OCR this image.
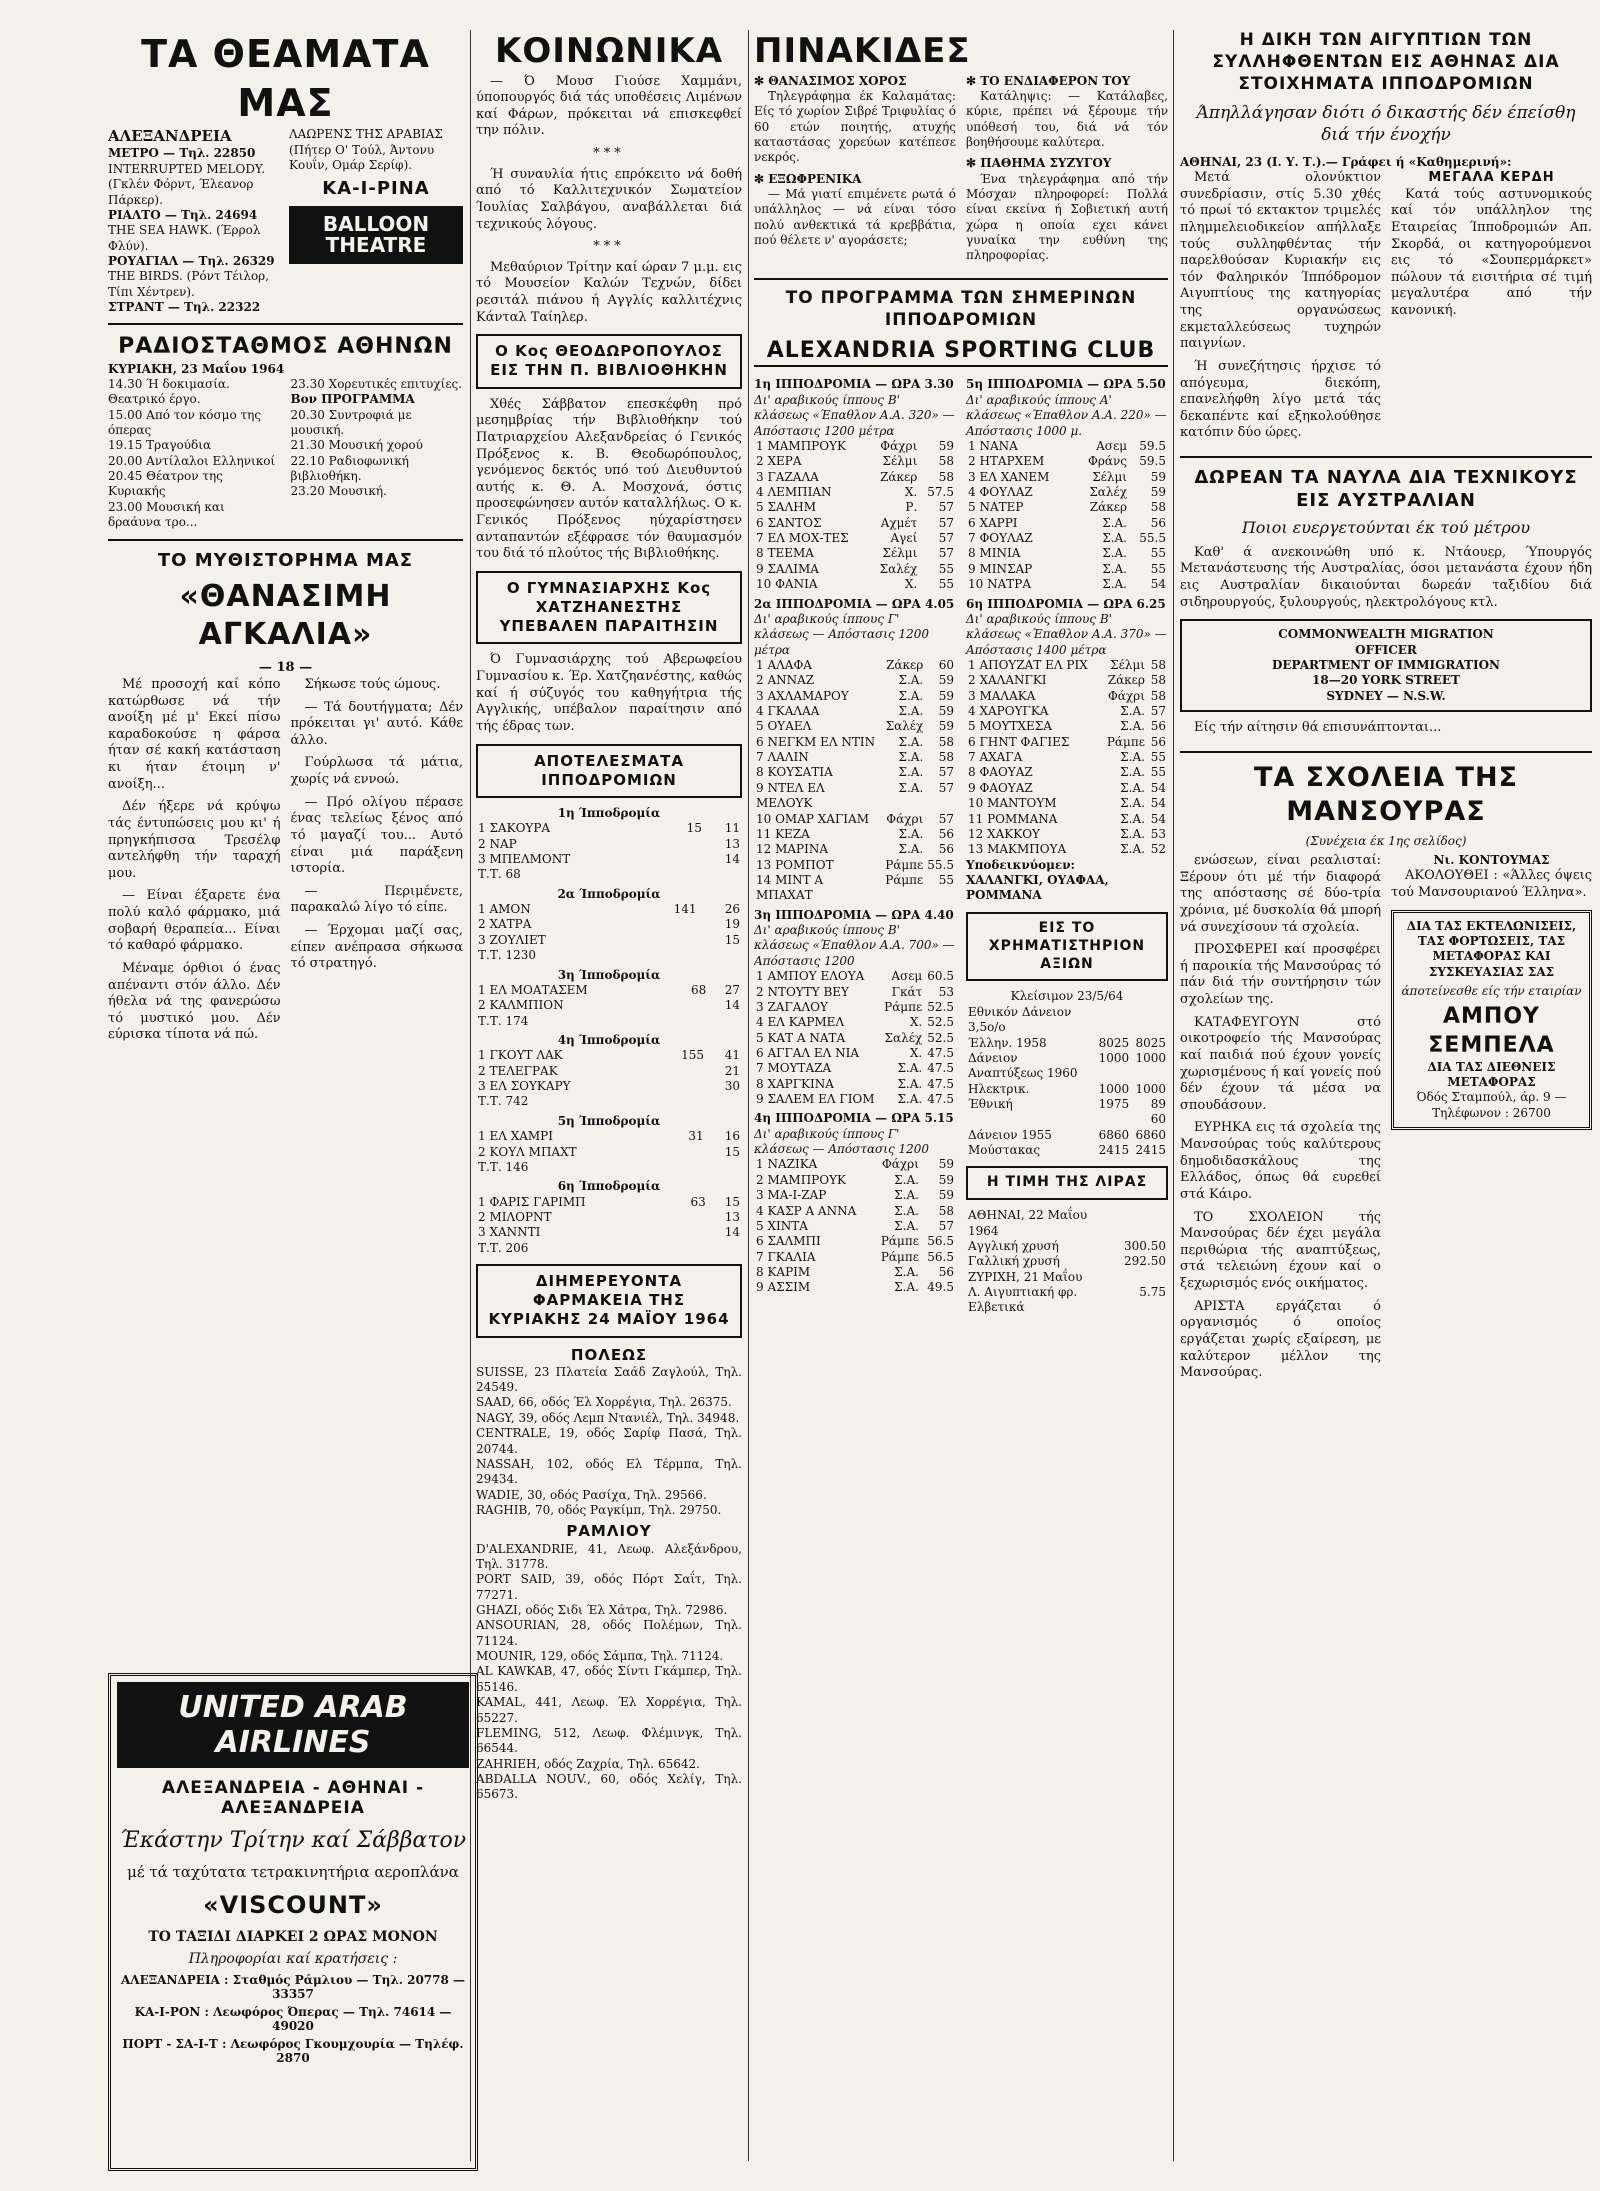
ΤΑ ΘΕΑΜΑΤΑ ΜΑΣ
ΑΛΕΞΑΝΔΡΕΙΑ
ΜΕΤΡΟ — Τηλ. 22850
INTERRUPTED MELODY. (Γκλέν Φόρντ, Έλεανορ Πάρκερ).
ΡΙΑΛΤΟ — Τηλ. 24694
THE SEA HAWK. (Έρρολ Φλύν).
ΡΟΥΑΓΙΑΛ — Τηλ. 26329
THE BIRDS. (Ρόντ Τέιλορ, Τίπι Χέντρεν).
ΣΤΡΑΝΤ — Τηλ. 22322
ΛΑΩΡΕΝΣ ΤΗΣ ΑΡΑΒΙΑΣ (Πήτερ Ο' Τούλ, Άντονυ Κουΐν, Ομάρ Σερίφ).
ΚΑ-Ι-ΡΙΝΑ
BALLOON
THEATRE
ΡΑΔΙΟΣΤΑΘΜΟΣ ΑΘΗΝΩΝ
ΚΥΡΙΑΚΗ, 23 Μαΐου 1964
14.30 Ή δοκιμασία. Θεατρικό έργο.
15.00 Από τον κόσμο της όπερας
19.15 Τραγούδια
20.00 Αντίλαλοι Ελληνικοί
20.45 Θέατρον της Κυριακής
23.00 Μουσική και δραάυνα τρο...
23.30 Χορευτικές επιτυχίες.
Βον ΠΡΟΓΡΑΜΜΑ
20.30 Συντροφιά με μουσική.
21.30 Μουσική χορού
22.10 Ραδιοφωνική βιβλιοθήκη.
23.20 Μουσική.
ΤΟ ΜΥΘΙΣΤΟΡΗΜΑ ΜΑΣ
«ΘΑΝΑΣΙΜΗ ΑΓΚΑΛΙΑ»
— 18 —

Μέ προσοχή καί κόπο κατώρθωσε νά τήν ανοίξη μέ μ' Εκεί πίσω καραδοκούσε η φάρσα ήταν σέ κακή κατάσταση κι ήταν έτοιμη ν' ανοίξη...

Δέν ήξερε νά κρύψω τάς έντυπώσεις μου κι' ή πρηγκήπισσα Τρεσέλφ αντελήφθη τήν ταραχή μου.

— Είναι έξαρετε ένα πολύ καλό φάρμακο, μιά σοβαρή θεραπεία... Είναι τό καθαρό φάρμακο.

Μέναμε όρθιοι ό ένας απέναντι στόν άλλο. Δέν ήθελα νά της φανερώσω τό μυστικό μου. Δέν εύρισκα τίποτα νά πώ.

Σήκωσε τούς ώμους.

— Τά δουτήγματα; Δέν πρόκειται γι' αυτό. Κάθε άλλο.

Γούρλωσα τά μάτια, χωρίς νά εννοώ.

— Πρό ολίγου πέρασε ένας τελείως ξένος από τό μαγαζί του... Αυτό είναι μιά παράξενη ιστορία.

— Περιμένετε, παρακαλώ λίγο τό είπε.

— Έρχομαι μαζί σας, είπεν ανέπρασα σήκωσα τό στρατηγό.

UNITED ARAB AIRLINES
ΑΛΕΞΑΝΔΡΕΙΑ - ΑΘΗΝΑΙ - ΑΛΕΞΑΝΔΡΕΙΑ
Έκάστην Τρίτην καί Σάββατον
μέ τά ταχύτατα τετρακινητήρια αεροπλάνα
«VISCOUNT»
ΤΟ ΤΑΞΙΔΙ ΔΙΑΡΚΕΙ 2 ΩΡΑΣ ΜΟΝΟΝ
Πληροφορίαι καί κρατήσεις :
ΑΛΕΞΑΝΔΡΕΙΑ : Σταθμός Ράμλιου — Τηλ. 20778 — 33357
ΚΑ-Ι-ΡΟΝ : Λεωφόρος Όπερας — Τηλ. 74614 — 49020
ΠΟΡΤ - ΣΑ-Ι-Τ : Λεωφόρος Γκουμχουρία — Τηλέφ. 2870
ΚΟΙΝΩΝΙΚΑ

— Ό Μουσ Γιούσε Χαμμάνι, ύποπουργός διά τάς υποθέσεις Λιμένων καί Φάρων, πρόκειται νά επισκεφθεί την πόλιν.

***

Ή συναυλία ήτις επρόκειτο νά δοθή από τό Καλλιτεχνικόν Σωματείον Ίουλίας Σαλβάγου, αναβάλλεται διά τεχνικούς λόγους.

***

Μεθαύριον Τρίτην καί ώραν 7 μ.μ. εις τό Μουσείον Καλών Τεχνών, δίδει ρεσιτάλ πιάνου ή Αγγλίς καλλιτέχνις Κάνταλ Ταίηλερ.

Ο Κος ΘΕΟΔΩΡΟΠΟΥΛΟΣ ΕΙΣ ΤΗΝ Π. ΒΙΒΛΙΟΘΗΚΗΝ

Χθές Σάββατον επεσκέφθη πρό μεσημβρίας τήν Βιβλιοθήκην τού Πατριαρχείου Αλεξανδρείας ό Γενικός Πρόξενος κ. Β. Θεοδωρόπουλος, γενόμενος δεκτός υπό τού Διευθυντού αυτής κ. Θ. Α. Μοσχονά, όστις προσεφώνησεν αυτόν καταλλήλως. Ο κ. Γενικός Πρόξενος ηύχαρίστησεν ανταπαντών εξέφρασε τόν θαυμασμόν του διά τό πλούτος τής Βιβλιοθήκης.

Ο ΓΥΜΝΑΣΙΑΡΧΗΣ Κος ΧΑΤΖΗΑΝΕΣΤΗΣ ΥΠΕΒΑΛΕΝ ΠΑΡΑΙΤΗΣΙΝ

Ό Γυμνασιάρχης τού Αβερωφείου Γυμνασίου κ. Έρ. Χατζηανέστης, καθώς καί ή σύζυγός του καθηγήτρια τής Αγγλικής, υπέβαλον παραίτησιν από τής έδρας των.

ΑΠΟΤΕΛΕΣΜΑΤΑ ΙΠΠΟΔΡΟΜΙΩΝ
1η Ίπποδρομία
1 ΣΑΚΟΥΡΑ	15	11
2 ΝΑΡ		13
3 ΜΠΕΛΜΟΝΤ		14
Τ.Τ. 68		
2α Ίπποδρομία
1 ΑΜΟΝ	141	26
2 ΧΑΤΡΑ		19
3 ΖΟΥΛΙΕΤ		15
Τ.Τ. 1230		
3η Ίπποδρομία
1 ΕΛ ΜΟΑΤΑΣΕΜ	68	27
2 ΚΑΛΜΠΙΟΝ		14
Τ.Τ. 174		
4η Ίπποδρομία
1 ΓΚΟΥΤ ΛΑΚ	155	41
2 ΤΕΛΕΓΡΑΚ		21
3 ΕΛ ΣΟΥΚΑΡΥ		30
Τ.Τ. 742		
5η Ίπποδρομία
1 ΕΛ ΧΑΜΡΙ	31	16
2 ΚΟΥΛ ΜΠΑΧΤ		15
Τ.Τ. 146		
6η Ίπποδρομία
1 ΦΑΡΙΣ ΓΑΡΙΜΠ	63	15
2 ΜΙΛΟΡΝΤ		13
3 ΧΑΝΝΤΙ		14
Τ.Τ. 206		
ΔΙΗΜΕΡΕΥΟΝΤΑ ΦΑΡΜΑΚΕΙΑ ΤΗΣ ΚΥΡΙΑΚΗΣ 24 ΜΑΪΟΥ 1964
ΠΟΛΕΩΣ
SUISSE, 23 Πλατεία Σαάδ Ζαγλούλ, Τηλ. 24549.
SAAD, 66, οδός Έλ Χορρέγια, Τηλ. 26375.
NAGY, 39, οδός Λεμπ Ντανιέλ, Τηλ. 34948.
CENTRALE, 19, οδός Σαρίφ Πασά, Τηλ. 20744.
NASSAH, 102, οδός Ελ Τέρμπα, Τηλ. 29434.
WADIE, 30, οδός Ρασίχα, Τηλ. 29566.
RAGHIB, 70, οδός Ραγκίμπ, Τηλ. 29750.
ΡΑΜΛΙΟΥ
D'ALEXANDRIE, 41, Λεωφ. Αλεξάνδρου, Τηλ. 31778.
PORT SAID, 39, οδός Πόρτ Σαΐτ, Τηλ. 77271.
GHAZI, οδός Σιδι Έλ Χάτρα, Τηλ. 72986.
ANSOURIAN, 28, οδός Πολέμων, Τηλ. 71124.
MOUNIR, 129, οδός Σάμπα, Τηλ. 71124.
AL KAWKAB, 47, οδός Σίντι Γκάμπερ, Τηλ. 65146.
KAMAL, 441, Λεωφ. Έλ Χορρέγια, Τηλ. 65227.
FLEMING, 512, Λεωφ. Φλέμινγκ, Τηλ. 66544.
ZAHRIEH, οδός Ζαχρία, Τηλ. 65642.
ABDALLA NOUV., 60, οδός Χελίγ, Τηλ. 65673.
ΠΙΝΑΚΙΔΕΣ
✻ ΘΑΝΑΣΙΜΟΣ ΧΟΡΟΣ

Τηλεγράφημα έκ Καλαμάτας: Είς τό χωρίον Σιβρέ Τριφυλίας ό 60 ετών ποιητής, ατυχής καταστάσας χορεύων κατέπεσε νεκρός.

✻ ΕΞΩΦΡΕΝΙΚΑ

— Μά γιατί επιμένετε ρωτά ό υπάλληλος — νά είναι τόσο πολύ ανθεκτικά τά κρεββάτια, πού θέλετε ν' αγοράσετε;

✻ ΤΟ ΕΝΔΙΑΦΕΡΟΝ ΤΟΥ

Κατάληψις: — Κατάλαβες, κύριε, πρέπει νά ξέρουμε τήν υπόθεσή του, διά νά τόν βοηθήσουμε καλύτερα.

✻ ΠΑΘΗΜΑ ΣΥΖΥΓΟΥ

Ένα τηλεγράφημα από τήν Μόσχαν πληροφορεί: Πολλά είναι εκείνα ή Σοβιετική αυτή χώρα η οποία εχει κάνει γυναίκα την ευθύνη της πληροφορίας.

ΤΟ ΠΡΟΓΡΑΜΜΑ ΤΩΝ ΣΗΜΕΡΙΝΩΝ ΙΠΠΟΔΡΟΜΙΩΝ
ALEXANDRIA SPORTING CLUB
1η ΙΠΠΟΔΡΟΜΙΑ — ΩΡΑ 3.30
Δι' αραβικούς ίππους Β' κλάσεως «Έπαθλον Α.Α. 320» — Απόστασις 1200 μέτρα
1 ΜΑΜΠΡΟΥΚ	Φάχρι	59
2 ΧΕΡΑ	Σέλμι	58
3 ΓΑΖΑΛΑ	Ζάκερ	58
4 ΛΕΜΠΙΑΝ	Χ.	57.5
5 ΣΑΛΗΜ	Ρ.	57
6 ΣΑΝΤΟΣ	Αχμέτ	57
7 ΕΛ ΜΟΧ-ΤΕΣ	Αγεί	57
8 ΤΕΕΜΑ	Σέλμι	57
9 ΣΑΛΙΜΑ	Σαλέχ	55
10 ΦΑΝΙΑ	Χ.	55
2α ΙΠΠΟΔΡΟΜΙΑ — ΩΡΑ 4.05
Δι' αραβικούς ίππους Γ' κλάσεως — Απόστασις 1200 μέτρα
1 ΑΛΑΦΑ	Ζάκερ	60
2 ΑΝΝΑΖ	Σ.Α.	59
3 ΑΧΛΑΜΑΡΟΥ	Σ.Α.	59
4 ΓΚΑΛΑΑ	Σ.Α.	59
5 ΟΥΑΕΛ	Σαλέχ	59
6 ΝΕΓΚΜ ΕΛ ΝΤΙΝ	Σ.Α.	58
7 ΛΑΛΙΝ	Σ.Α.	58
8 ΚΟΥΣΑΤΙΑ	Σ.Α.	57
9 ΝΤΕΛ ΕΛ ΜΕΛΟΥΚ	Σ.Α.	57
10 ΟΜΑΡ ΧΑΓΙΑΜ	Φάχρι	57
11 ΚΕΖΑ	Σ.Α.	56
12 ΜΑΡΙΝΑ	Σ.Α.	56
13 ΡΟΜΠΟΤ	Ράμπε	55.5
14 ΜΙΝΤ Α ΜΠΑΧΑΤ	Ράμπε	55
3η ΙΠΠΟΔΡΟΜΙΑ — ΩΡΑ 4.40
Δι' αραβικούς ίππους Β' κλάσεως «Έπαθλον Α.Α. 700» — Απόστασις 1200
1 ΑΜΠΟΥ ΕΛΟΥΑ	Ασεμ	60.5
2 ΝΤΟΥΤΥ ΒΕΥ	Γκάτ	53
3 ΖΑΓΑΛΟΥ	Ράμπε	52.5
4 ΕΛ ΚΑΡΜΕΛ	Χ.	52.5
5 ΚΑΤ Α ΝΑΤΑ	Σαλέχ	52.5
6 ΑΓΓΑΛ ΕΛ ΝΙΑ	Χ.	47.5
7 ΜΟΥΤΑΖΑ	Σ.Α.	47.5
8 ΧΑΡΓΚΙΝΑ	Σ.Α.	47.5
9 ΣΑΛΕΜ ΕΛ ΓΙΟΜ	Σ.Α.	47.5
4η ΙΠΠΟΔΡΟΜΙΑ — ΩΡΑ 5.15
Δι' αραβικούς ίππους Γ' κλάσεως — Απόστασις 1200
1 ΝΑΖΙΚΑ	Φάχρι	59
2 ΜΑΜΠΡΟΥΚ	Σ.Α.	59
3 ΜΑ-Ι-ΖΑΡ	Σ.Α.	59
4 ΚΑΣΡ Α ΑΝΝΑ	Σ.Α.	58
5 ΧΙΝΤΑ	Σ.Α.	57
6 ΣΑΛΜΠΙ	Ράμπε	56.5
7 ΓΚΑΛΙΑ	Ράμπε	56.5
8 ΚΑΡΙΜ	Σ.Α.	56
9 ΑΣΣΙΜ	Σ.Α.	49.5
5η ΙΠΠΟΔΡΟΜΙΑ — ΩΡΑ 5.50
Δι' αραβικούς ίππους Α' κλάσεως «Έπαθλον Α.Α. 220» — Απόστασις 1000 μ.
1 ΝΑΝΑ	Ασεμ	59.5
2 ΗΤΑΡΧΕΜ	Φράνς	59.5
3 ΕΛ ΧΑΝΕΜ	Σέλμι	59
4 ΦΟΥΛΑΖ	Σαλέχ	59
5 ΝΑΤΕΡ	Ζάκερ	58
6 ΧΑΡΡΙ	Σ.Α.	56
7 ΦΟΥΛΑΖ	Σ.Α.	55.5
8 ΜΙΝΙΑ	Σ.Α.	55
9 ΜΙΝΣΑΡ	Σ.Α.	55
10 ΝΑΤΡΑ	Σ.Α.	54
6η ΙΠΠΟΔΡΟΜΙΑ — ΩΡΑ 6.25
Δι' αραβικούς ίππους Β' κλάσεως «Έπαθλον Α.Α. 370» — Απόστασις 1400 μέτρα
1 ΑΠΟΥΖΑΤ ΕΛ ΡΙΧ	Σέλμι	58
2 ΧΑΛΑΝΓΚΙ	Ζάκερ	58
3 ΜΑΛΑΚΑ	Φάχρι	58
4 ΧΑΡΟΥΓΚΑ	Σ.Α.	57
5 ΜΟΥΤΧΕΣΑ	Σ.Α.	56
6 ΓΗΝΤ ΦΑΓΙΕΣ	Ράμπε	56
7 ΑΧΑΓΑ	Σ.Α.	55
8 ΦΑΟΥΑΖ	Σ.Α.	55
9 ΦΑΟΥΑΖ	Σ.Α.	54
10 ΜΑΝΤΟΥΜ	Σ.Α.	54
11 ΡΟΜΜΑΝΑ	Σ.Α.	54
12 ΧΑΚΚΟΥ	Σ.Α.	53
13 ΜΑΚΜΠΟΥΑ	Σ.Α.	52
Υποδεικνύομεν:
ΧΑΛΑΝΓΚΙ, ΟΥΑΦΑΑ, ΡΟΜΜΑΝΑ
ΕΙΣ ΤΟ ΧΡΗΜΑΤΙΣΤΗΡΙΟΝ ΑΞΙΩΝ
Κλείσιμον 23/5/64
Εθνικόν Δάνειον 3,5ο/ο		
Έλλην. 1958	8025	8025
Δάνειον Αναπτύξεως 1960	1000	1000
Ηλεκτρικ.	1000	1000
Έθνική	1975	89 60
Δάνειον 1955	6860	6860
Μούστακας	2415	2415
Η ΤΙΜΗ ΤΗΣ ΛΙΡΑΣ
ΑΘΗΝΑΙ, 22 Μαΐου 1964	
Αγγλική χρυσή	300.50
Γαλλική χρυσή	292.50
ΖΥΡΙΧΗ, 21 Μαΐου	
Λ. Αιγυπτιακή φρ. Ελβετικά	5.75
Η ΔΙΚΗ ΤΩΝ ΑΙΓΥΠΤΙΩΝ ΤΩΝ ΣΥΛΛΗΦΘΕΝΤΩΝ ΕΙΣ ΑΘΗΝΑΣ ΔΙΑ ΣΤΟΙΧΗΜΑΤΑ ΙΠΠΟΔΡΟΜΙΩΝ
Άπηλλάγησαν διότι ό δικαστής δέν έπείσθη διά τήν ένοχήν
ΑΘΗΝΑΙ, 23 (Ι. Υ. Τ.).— Γράφει ή «Καθημερινή»:

Μετά ολονύκτιον συνεδρίασιν, στίς 5.30 χθές τό πρωί τό εκτακτον τριμελές πλημμελειοδικείον απήλλαξε τούς συλληφθέντας τήν παρελθούσαν Κυριακήν εις τόν Φαληρικόν Ίππόδρομον Αιγυπτίους της κατηγορίας της οργανώσεως εκμεταλλεύσεως τυχηρών παιγνίων.

Ή συνεζήτησις ήρχισε τό απόγευμα, διεκόπη, επανελήφθη λίγο μετά τάς δεκαπέντε καί εξηκολούθησε κατόπιν δύο ώρες.

ΜΕΓΑΛΑ ΚΕΡΔΗ

Κατά τούς αστυνομικούς καί τόν υπάλληλον της Εταιρείας Ίπποδρομιών Απ. Σκορδά, οι κατηγορούμενοι εις τό «Σουπερμάρκετ» πώλουν τά εισιτήρια σέ τιμή μεγαλυτέρα από τήν κανονική.

ΔΩΡΕΑΝ ΤΑ ΝΑΥΛΑ ΔΙΑ ΤΕΧΝΙΚΟΥΣ ΕΙΣ ΑΥΣΤΡΑΛΙΑΝ
Ποιοι ευεργετούνται έκ τού μέτρου

Καθ' ά ανεκοινώθη υπό κ. Ντάουερ, Ύπουργός Μετανάστευσης τής Αυστραλίας, όσοι μετανάστα έχουν ήδη εις Αυστραλίαν δικαιούνται δωρεάν ταξιδίου διά σιδηρουργούς, ξυλουργούς, ηλεκτρολόγους κτλ.

COMMONWEALTH MIGRATION
OFFICER
DEPARTMENT OF IMMIGRATION
18—20 YORK STREET
SYDNEY — N.S.W.

Είς τήν αίτησιν θά επισυνάπτονται...

ΤΑ ΣΧΟΛΕΙΑ ΤΗΣ ΜΑΝΣΟΥΡΑΣ
(Συνέχεια έκ 1ης σελίδος)

ενώσεων, είναι ρεαλισταί: Ξέρουν ότι μέ τήν διαφορά της απόστασης σέ δύο-τρία χρόνια, μέ δυσκολία θά μπορή νά συνεχίσουν τά σχολεία.

ΠΡΟΣΦΕΡΕΙ καί προσφέρει ή παροικία τής Μανσούρας τό πάν διά τήν συντήρησιν τών σχολείων της.

ΚΑΤΑΦΕΥΓΟΥΝ στό οικοτροφείο τής Μανσούρας καί παιδιά πού έχουν γονείς χωρισμένους ή καί γονείς πού δέν έχουν τά μέσα να σπουδάσουν.

ΕΥΡΗΚΑ εις τά σχολεία της Μανσούρας τούς καλύτερους δημοδιδασκάλους της Ελλάδος, όπως θά ευρεθεί στά Κάιρο.

ΤΟ ΣΧΟΛΕΙΟΝ τής Μανσούρας δέν έχει μεγάλα περιθώρια τής αναπτύξεως, στά τελειώνη έχουν καί ο ξεχωρισμός ενός οικήματος.

ΑΡΙΣΤΑ εργάζεται ό οργανισμός ό οποίος εργάζεται χωρίς εξαίρεση, με καλύτερον μέλλον της Μανσούρας.

Νι. ΚΟΝΤΟΥΜΑΣ

ΑΚΟΛΟΥΘΕΙ : «Άλλες όψεις τού Μανσουριανού Έλληνα».

ΔΙΑ ΤΑΣ ΕΚΤΕΛΩΝΙΣΕΙΣ, ΤΑΣ ΦΟΡΤΩΣΕΙΣ, ΤΑΣ ΜΕΤΑΦΟΡΑΣ ΚΑΙ ΣΥΣΚΕΥΑΣΙΑΣ ΣΑΣ
άποτείνεσθε είς τήν εταιρίαν
ΑΜΠΟΥ ΣΕΜΠΕΛΑ
ΔΙΑ ΤΑΣ ΔΙΕΘΝΕΙΣ ΜΕΤΑΦΟΡΑΣ
Όδός Σταμπούλ, άρ. 9 — Τηλέφωνον : 26700
